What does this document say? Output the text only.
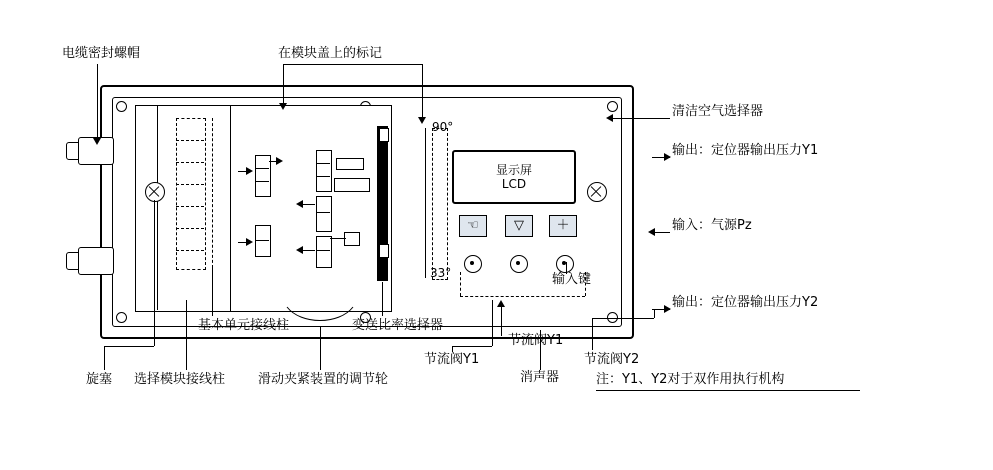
90°
33°
显示屏
LCD
☜	▽	＋
电缆密封螺帽	在模块盖上的标记
清洁空气选择器
输出：定位器输出压力Y1
输入：气源Pz
输出：定位器输出压力Y2
输入键
基本单元接线柱	变送比率选择器
旋塞 选择模块接线柱	滑动夹紧装置的调节轮
节流阀Y1
节流阀Y1
消声器
节流阀Y2
注：Y1、Y2对于双作用执行机构
